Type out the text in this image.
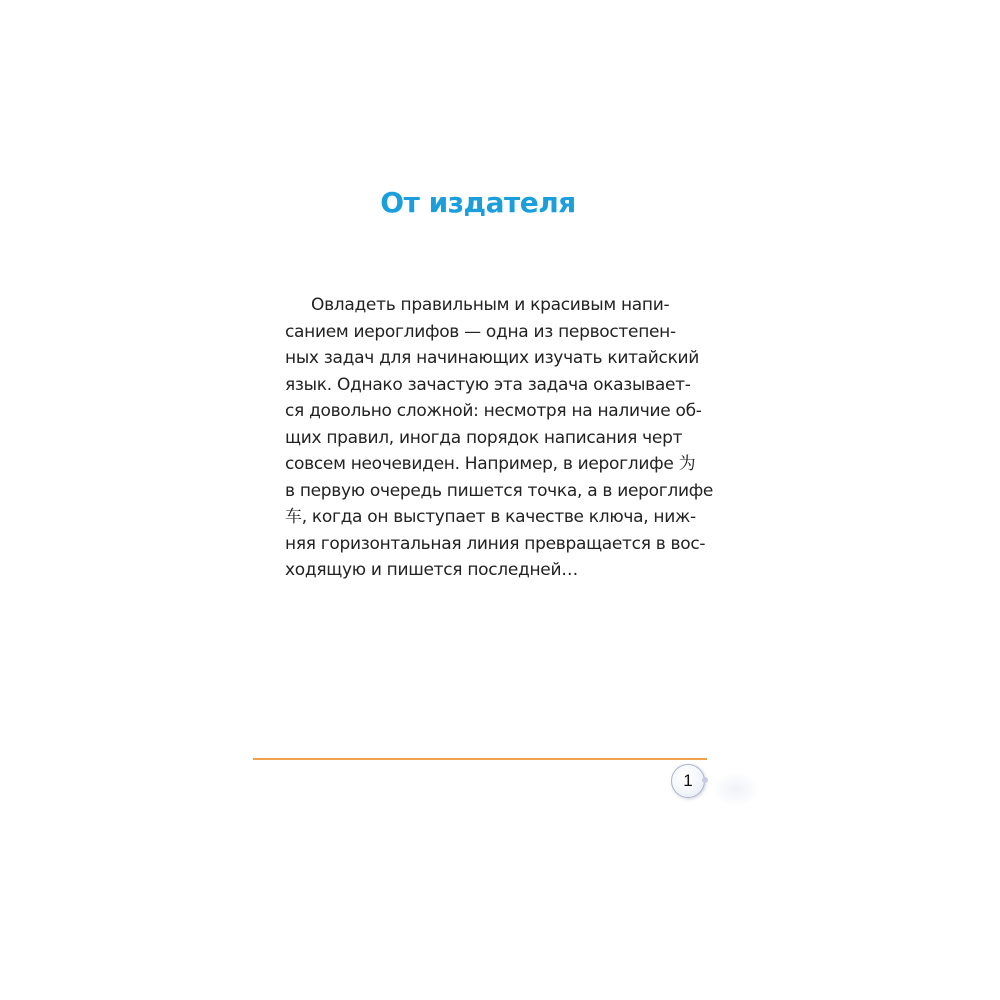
От издателя
Овладеть правильным и красивым напи-
санием иероглифов — одна из первостепен-
ных задач для начинающих изучать китайский
язык. Однако зачастую эта задача оказывает-
ся довольно сложной: несмотря на наличие об-
щих правил, иногда порядок написания черт
совсем неочевиден. Например, в иероглифе 为
в первую очередь пишется точка, а в иероглифе
车, когда он выступает в качестве ключа, ниж-
няя горизонтальная линия превращается в вос-
ходящую и пишется последней…
1
